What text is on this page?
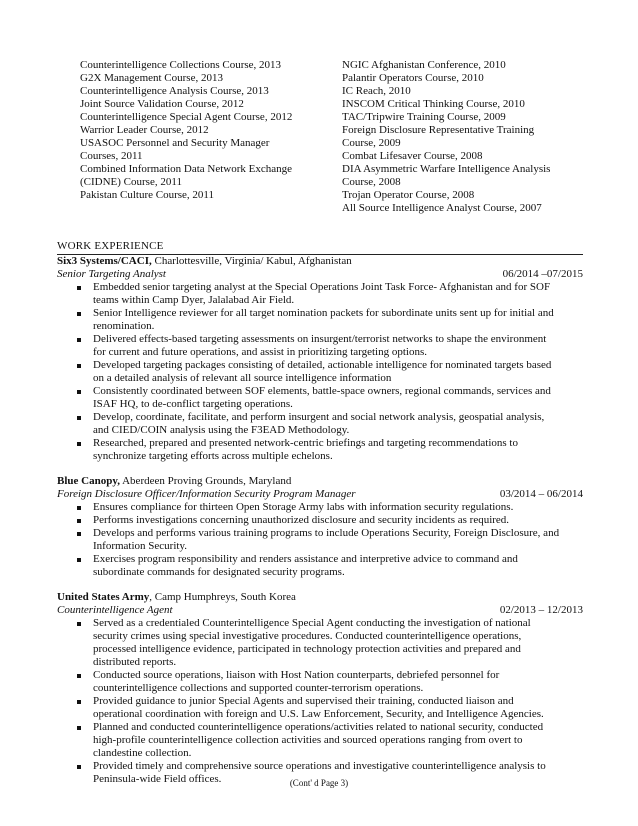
Counterintelligence Collections Course, 2013
G2X Management Course, 2013
Counterintelligence Analysis Course, 2013
Joint Source Validation Course, 2012
Counterintelligence Special Agent Course, 2012
Warrior Leader Course, 2012
USASOC Personnel and Security Manager
Courses, 2011
Combined Information Data Network Exchange
(CIDNE) Course, 2011
Pakistan Culture Course, 2011
NGIC Afghanistan Conference, 2010
Palantir Operators Course, 2010
IC Reach, 2010
INSCOM Critical Thinking Course, 2010
TAC/Tripwire Training Course, 2009
Foreign Disclosure Representative Training
Course, 2009
Combat Lifesaver Course, 2008
DIA Asymmetric Warfare Intelligence Analysis
Course, 2008
Trojan Operator Course, 2008
All Source Intelligence Analyst Course, 2007
WORK EXPERIENCE
Six3 Systems/CACI, Charlottesville, Virginia/ Kabul, Afghanistan
Senior Targeting Analyst	06/2014 –07/2015
Embedded senior targeting analyst at the Special Operations Joint Task Force- Afghanistan and for SOF
teams within Camp Dyer, Jalalabad Air Field.
Senior Intelligence reviewer for all target nomination packets for subordinate units sent up for initial and
renomination.
Delivered effects-based targeting assessments on insurgent/terrorist networks to shape the environment
for current and future operations, and assist in prioritizing targeting options.
Developed targeting packages consisting of detailed, actionable intelligence for nominated targets based
on a detailed analysis of relevant all source intelligence information
Consistently coordinated between SOF elements, battle-space owners, regional commands, services and
ISAF HQ, to de-conflict targeting operations.
Develop, coordinate, facilitate, and perform insurgent and social network analysis, geospatial analysis,
and CIED/COIN analysis using the F3EAD Methodology.
Researched, prepared and presented network-centric briefings and targeting recommendations to
synchronize targeting efforts across multiple echelons.
Blue Canopy, Aberdeen Proving Grounds, Maryland
Foreign Disclosure Officer/Information Security Program Manager	03/2014 – 06/2014
Ensures compliance for thirteen Open Storage Army labs with information security regulations.
Performs investigations concerning unauthorized disclosure and security incidents as required.
Develops and performs various training programs to include Operations Security, Foreign Disclosure, and
Information Security.
Exercises program responsibility and renders assistance and interpretive advice to command and
subordinate commands for designated security programs.
United States Army, Camp Humphreys, South Korea
Counterintelligence Agent	02/2013 – 12/2013
Served as a credentialed Counterintelligence Special Agent conducting the investigation of national
security crimes using special investigative procedures. Conducted counterintelligence operations,
processed intelligence evidence, participated in technology protection activities and prepared and
distributed reports.
Conducted source operations, liaison with Host Nation counterparts, debriefed personnel for
counterintelligence collections and supported counter-terrorism operations.
Provided guidance to junior Special Agents and supervised their training, conducted liaison and
operational coordination with foreign and U.S. Law Enforcement, Security, and Intelligence Agencies.
Planned and conducted counterintelligence operations/activities related to national security, conducted
high-profile counterintelligence collection activities and sourced operations ranging from overt to
clandestine collection.
Provided timely and comprehensive source operations and investigative counterintelligence analysis to
Peninsula-wide Field offices.	(Cont' d Page 3)
